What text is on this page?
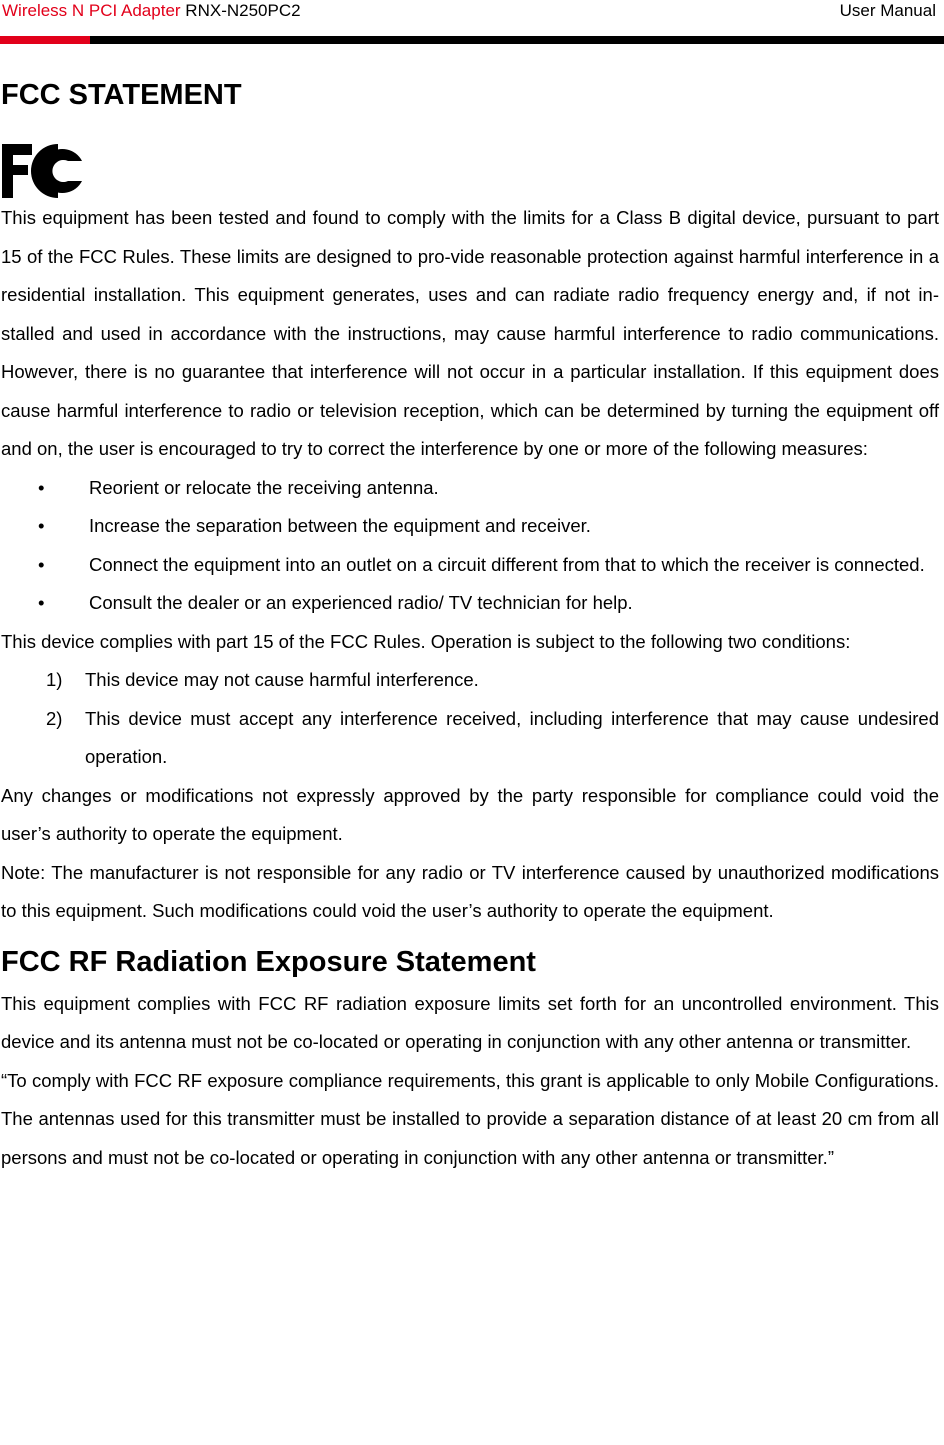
Wireless N PCI Adapter RNX-N250PC2	User Manual
FCC STATEMENT

This equipment has been tested and found to comply with the limits for a Class B digital device, pursuant to part 15 of the FCC Rules. These limits are designed to pro-vide reasonable protection against harmful interference in a residential installation. This equipment generates, uses and can radiate radio frequency energy and, if not in-stalled and used in accordance with the instructions, may cause harmful interference to radio communications. However, there is no guarantee that interference will not occur in a particular installation. If this equipment does cause harmful interference to radio or television reception, which can be determined by turning the equipment off and on, the user is encouraged to try to correct the interference by one or more of the following measures:

• Reorient or relocate the receiving antenna.
• Increase the separation between the equipment and receiver.
• Connect the equipment into an outlet on a circuit different from that to which the receiver is connected.
• Consult the dealer or an experienced radio/ TV technician for help.

This device complies with part 15 of the FCC Rules. Operation is subject to the following two conditions:

1) This device may not cause harmful interference.
2) This device must accept any interference received, including interference that may cause undesired operation.

Any changes or modifications not expressly approved by the party responsible for compliance could void the user’s authority to operate the equipment.

Note: The manufacturer is not responsible for any radio or TV interference caused by unauthorized modifications to this equipment. Such modifications could void the user’s authority to operate the equipment.

FCC RF Radiation Exposure Statement

This equipment complies with FCC RF radiation exposure limits set forth for an uncontrolled environment. This device and its antenna must not be co-located or operating in conjunction with any other antenna or transmitter.

“To comply with FCC RF exposure compliance requirements, this grant is applicable to only Mobile Configurations. The antennas used for this transmitter must be installed to provide a separation distance of at least 20 cm from all persons and must not be co-located or operating in conjunction with any other antenna or transmitter.”
